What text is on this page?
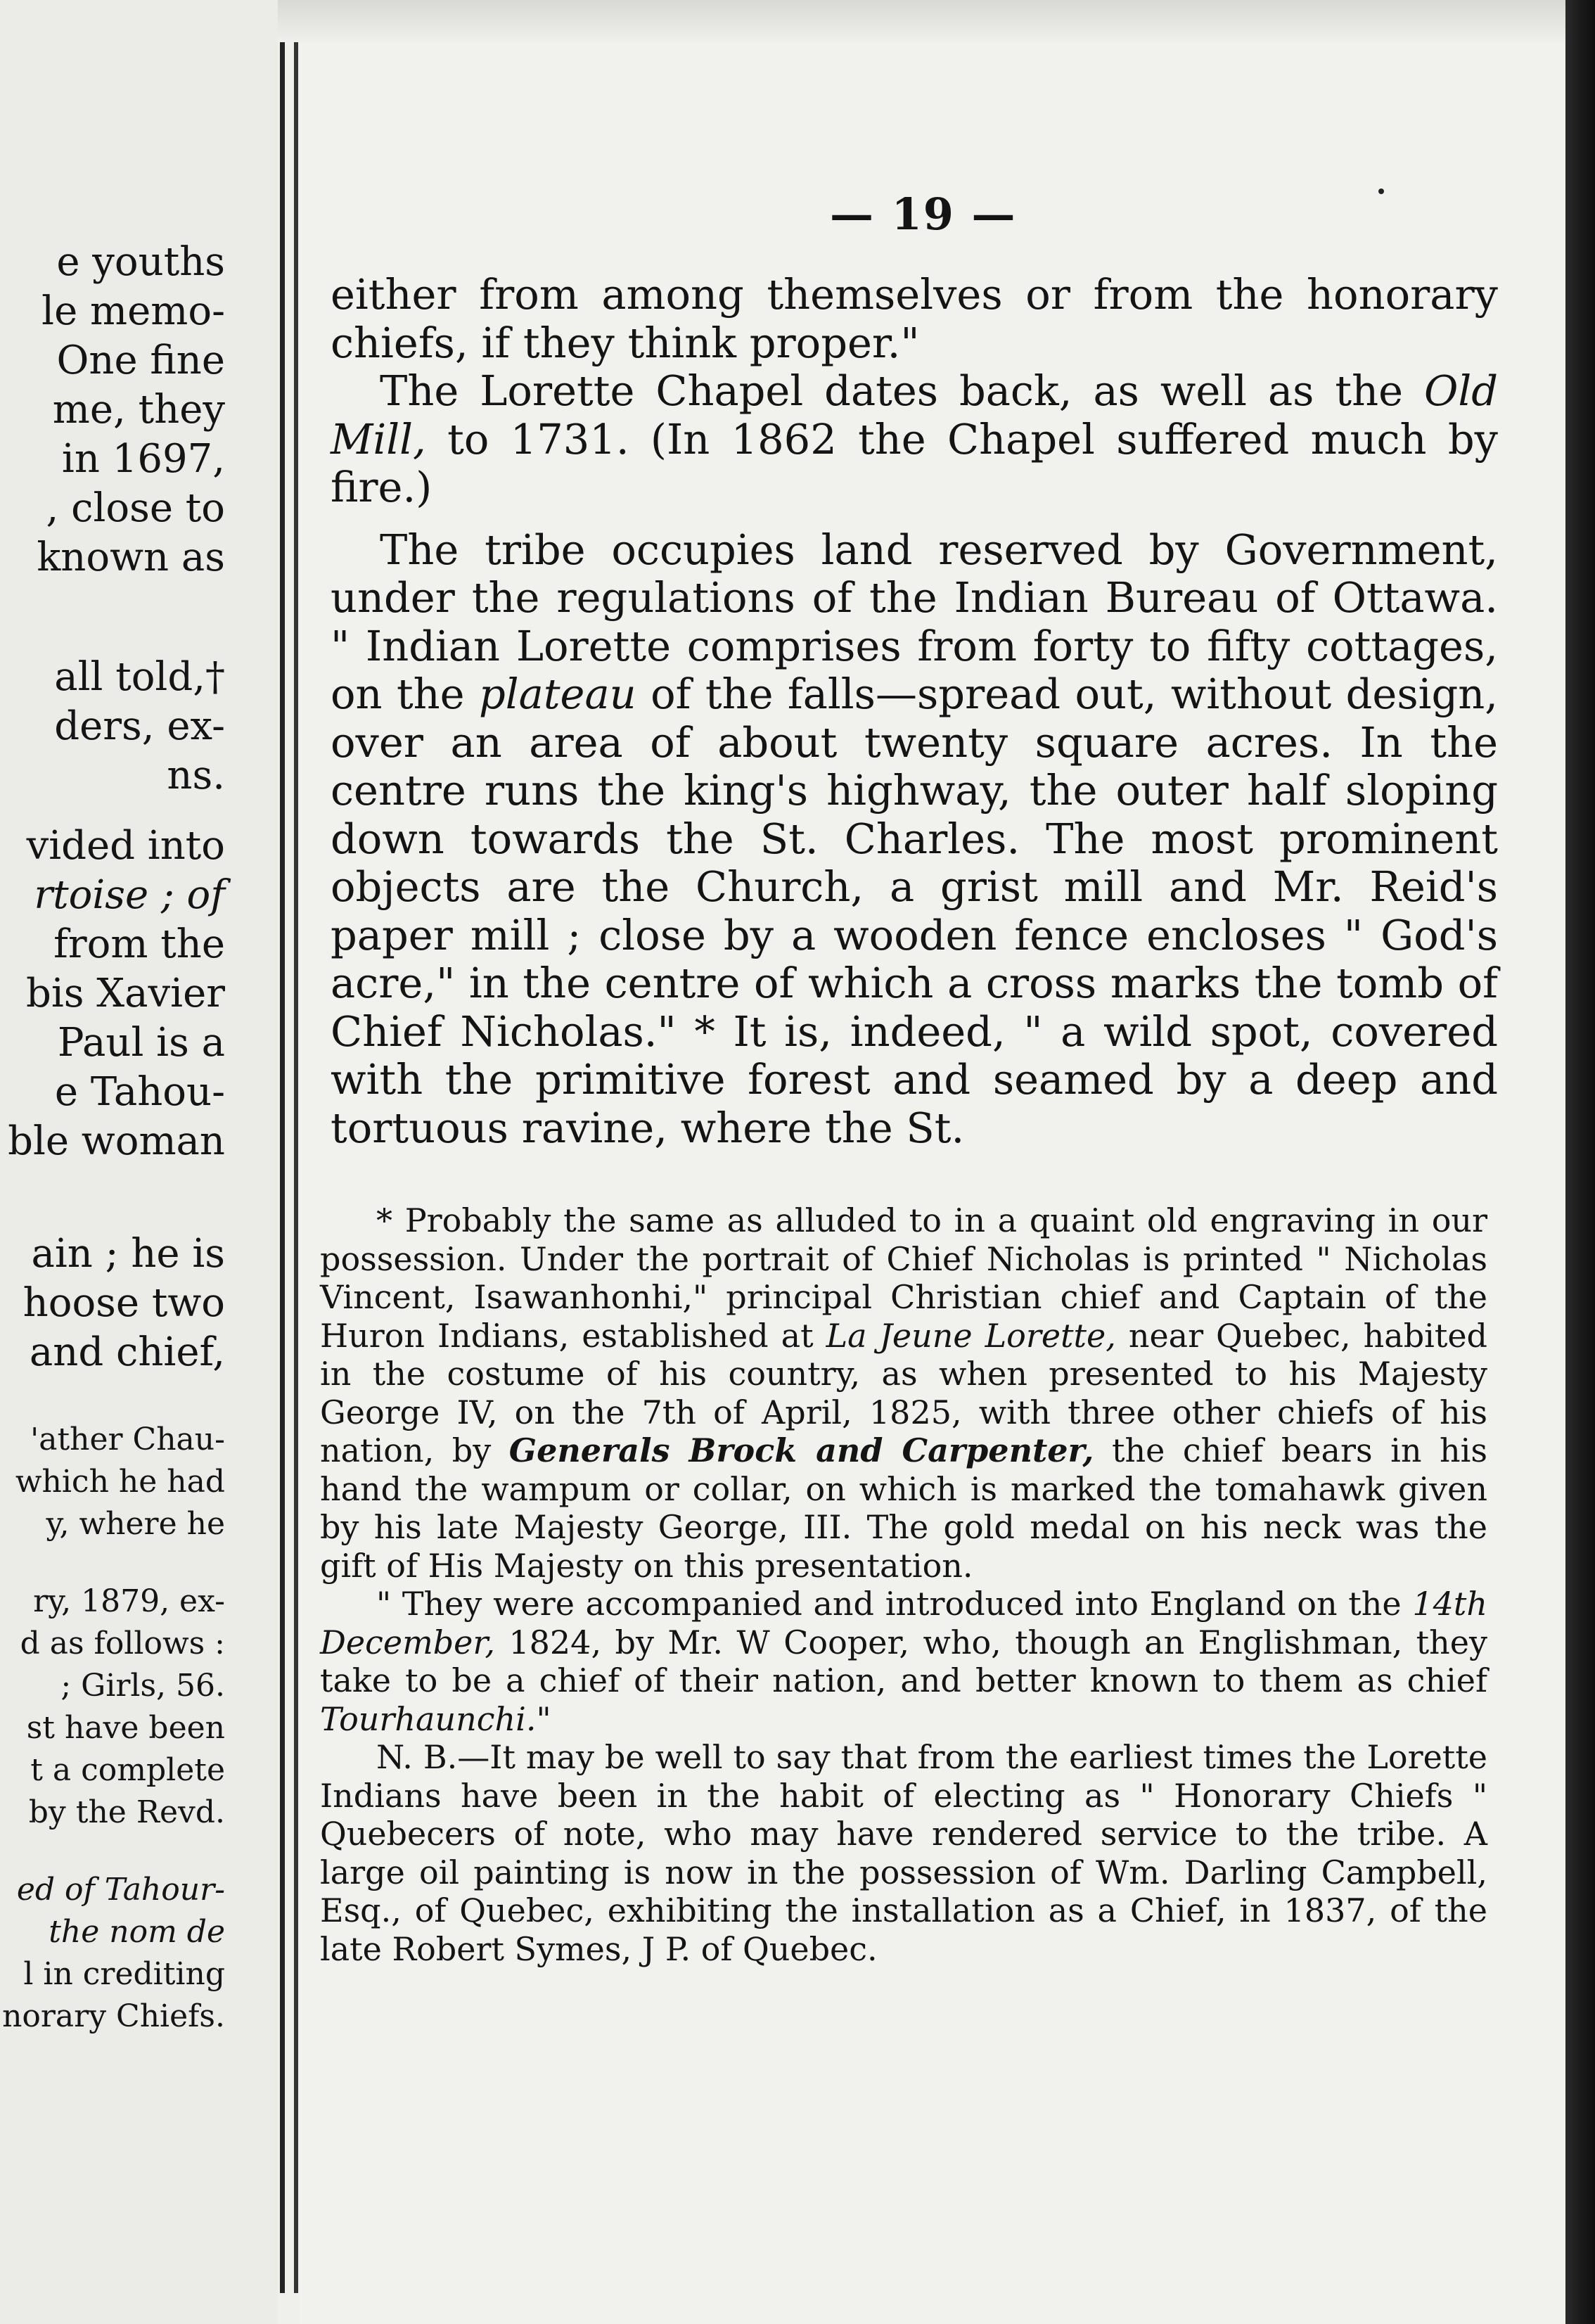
e youths
le memo-
One fine
me, they
in 1697,
, close to
known as
all told,†
ders, ex-
ns.
vided into
rtoise ; of
from the
bis Xavier
Paul is a
e Tahou-
ble woman
ain ; he is
hoose two
and chief,
'ather Chau-
which he had
y, where he
ry, 1879, ex-
d as follows :
; Girls, 56.
st have been
t a complete
by the Revd.
ed of Tahour-
the nom de
l in crediting
norary Chiefs.
— 19 —

either from among themselves or from the honorary chiefs, if they think proper."

The Lorette Chapel dates back, as well as the Old Mill, to 1731. (In 1862 the Chapel suffered much by fire.)

The tribe occupies land reserved by Government, under the regulations of the Indian Bureau of Ottawa. " Indian Lorette comprises from forty to fifty cottages, on the plateau of the falls—spread out, without design, over an area of about twenty square acres. In the centre runs the king's highway, the outer half sloping down towards the St. Charles. The most prominent objects are the Church, a grist mill and Mr. Reid's paper mill ; close by a wooden fence encloses " God's acre," in the centre of which a cross marks the tomb of Chief Nicholas." * It is, indeed, " a wild spot, covered with the primitive forest and seamed by a deep and tortuous ravine, where the St.

* Probably the same as alluded to in a quaint old engraving in our possession. Under the portrait of Chief Nicholas is printed " Nicholas Vincent, Isawanhonhi," principal Christian chief and Captain of the Huron Indians, established at La Jeune Lorette, near Quebec, habited in the costume of his country, as when presented to his Majesty George IV, on the 7th of April, 1825, with three other chiefs of his nation, by Generals Brock and Carpenter, the chief bears in his hand the wampum or collar, on which is marked the tomahawk given by his late Majesty George, III. The gold medal on his neck was the gift of His Majesty on this presentation.

" They were accompanied and introduced into England on the 14th December, 1824, by Mr. W Cooper, who, though an Englishman, they take to be a chief of their nation, and better known to them as chief Tourhaunchi."

N. B.—It may be well to say that from the earliest times the Lorette Indians have been in the habit of electing as " Honorary Chiefs " Quebecers of note, who may have rendered service to the tribe. A large oil painting is now in the possession of Wm. Darling Campbell, Esq., of Quebec, exhibiting the installation as a Chief, in 1837, of the late Robert Symes, J P. of Quebec.
